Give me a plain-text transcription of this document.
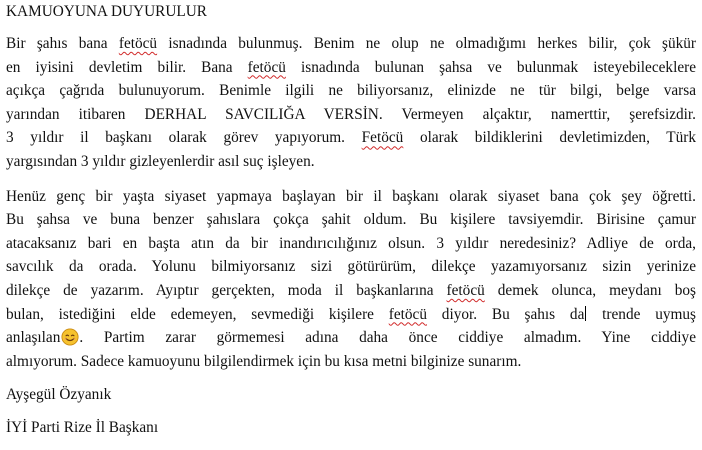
KAMUOYUNA DUYURULUR
Bir şahıs bana fetöcü isnadında bulunmuş. Benim ne olup ne olmadığımı herkes bilir, çok şükür
en iyisini devletim bilir. Bana fetöcü isnadında bulunan şahsa ve bulunmak isteyebileceklere
açıkça çağrıda bulunuyorum. Benimle ilgili ne biliyorsanız, elinizde ne tür bilgi, belge varsa
yarından itibaren DERHAL SAVCILIĞA VERSİN. Vermeyen alçaktır, namerttir, şerefsizdir.
3 yıldır il başkanı olarak görev yapıyorum. Fetöcü olarak bildiklerini devletimizden, Türk
yargısından 3 yıldır gizleyenlerdir asıl suç işleyen.
Henüz genç bir yaşta siyaset yapmaya başlayan bir il başkanı olarak siyaset bana çok şey öğretti.
Bu şahsa ve buna benzer şahıslara çokça şahit oldum. Bu kişilere tavsiyemdir. Birisine çamur
atacaksanız bari en başta atın da bir inandırıcılığınız olsun. 3 yıldır neredesiniz? Adliye de orda,
savcılık da orada. Yolunu bilmiyorsanız sizi götürürüm, dilekçe yazamıyorsanız sizin yerinize
dilekçe de yazarım. Ayıptır gerçekten, moda il başkanlarına fetöcü demek olunca, meydanı boş
bulan, istediğini elde edemeyen, sevmediği kişilere fetöcü diyor. Bu şahıs da trende uymuş
anlaşılan . Partim zarar görmemesi adına daha önce ciddiye almadım. Yine ciddiye
almıyorum. Sadece kamuoyunu bilgilendirmek için bu kısa metni bilginize sunarım.
Ayşegül Özyanık
İYİ Parti Rize İl Başkanı
